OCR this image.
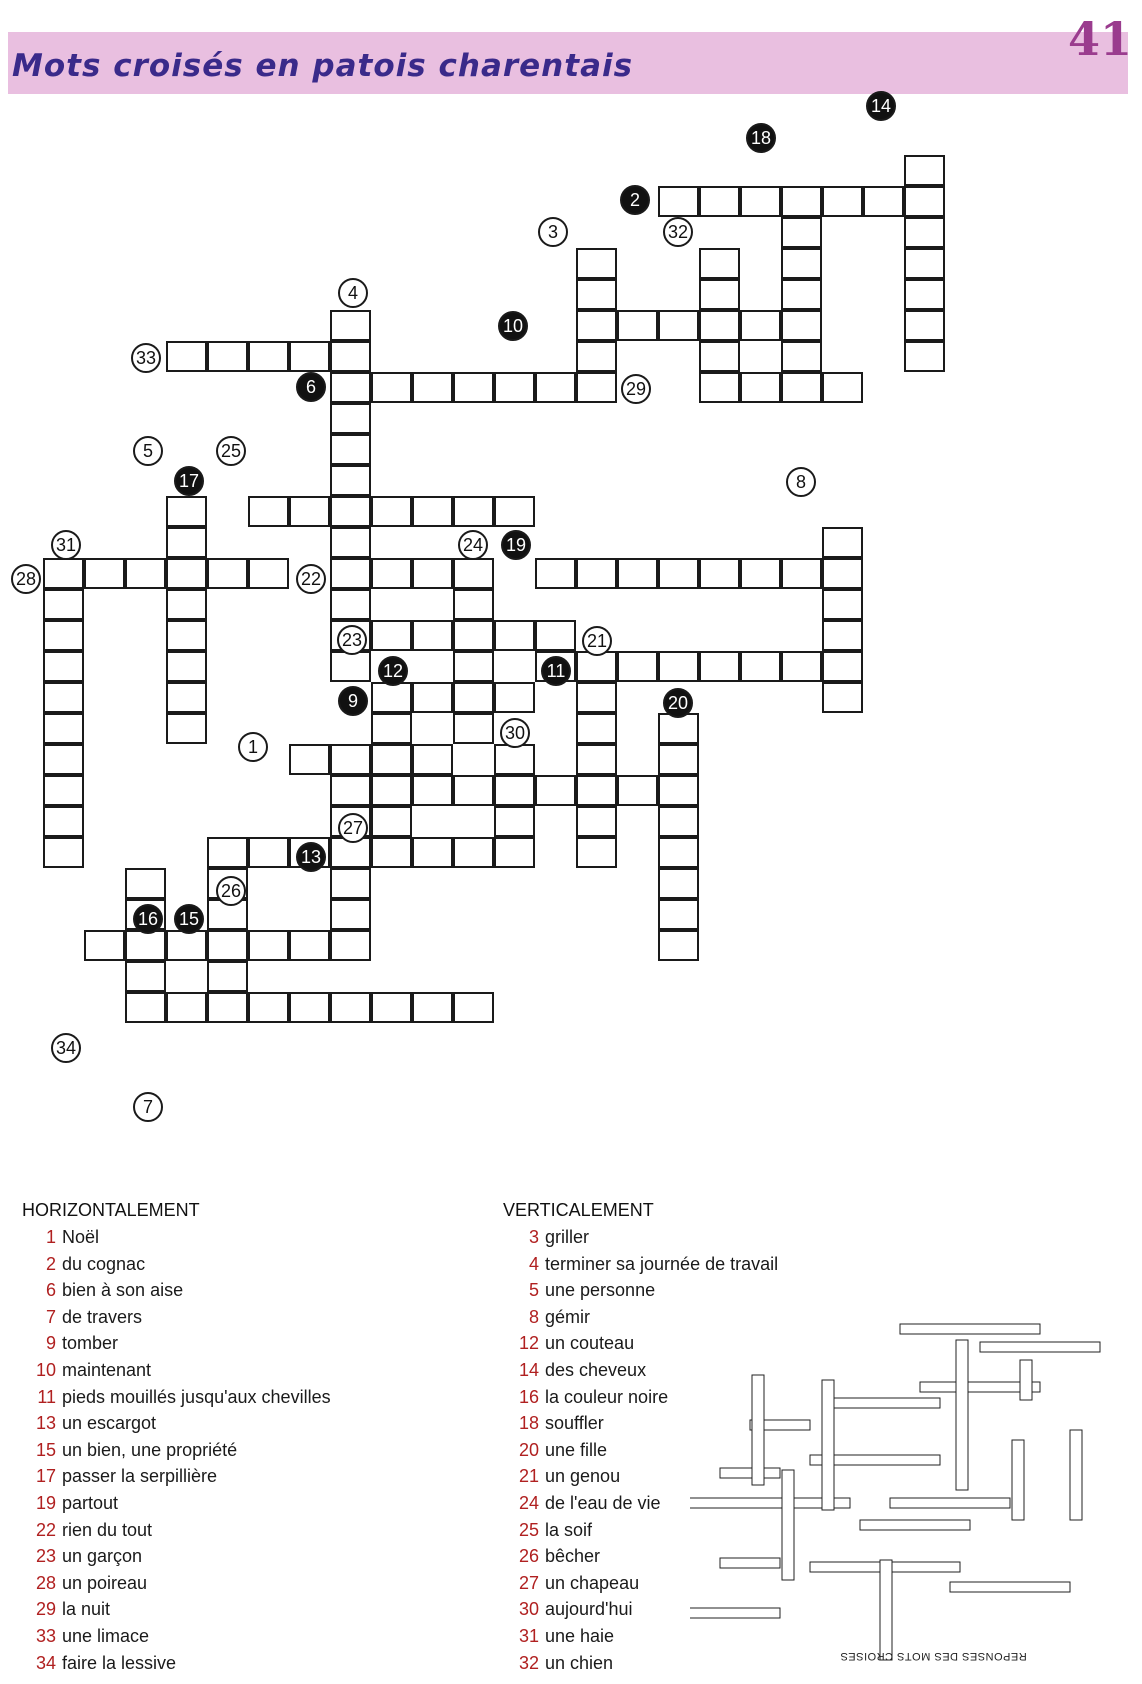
Mots croisés en patois charentais	41
1
2
3
4
5
6
7
8
9
10
11
12
13
14
15
16
17
18
19
20
21
22
23
24
25
26
27
28
29
30
31
32
33
34
HORIZONTALEMENT
1 Noël
2 du cognac
6 bien à son aise
7 de travers
9 tomber
10 maintenant
11 pieds mouillés jusqu'aux chevilles
13 un escargot
15 un bien, une propriété
17 passer la serpillière
19 partout
22 rien du tout
23 un garçon
28 un poireau
29 la nuit
33 une limace
34 faire la lessive
VERTICALEMENT
3 griller
4 terminer sa journée de travail
5 une personne
8 gémir
12 un couteau
14 des cheveux
16 la couleur noire
18 souffler
20 une fille
21 un genou
24 de l'eau de vie
25 la soif
26 bêcher
27 un chapeau
30 aujourd'hui
31 une haie
32 un chien	REPONSES DES MOTS CROISES
